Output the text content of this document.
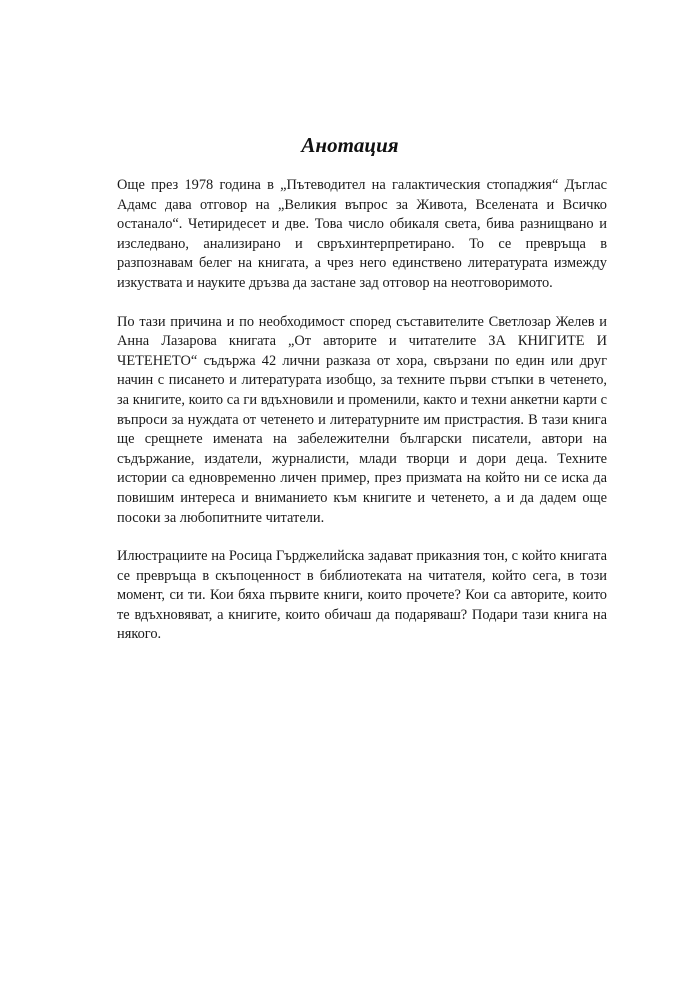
Анотация

Още през 1978 година в „Пътеводител на галактическия стопаджия“ Дъглас Адамс дава отговор на „Великия въпрос за Живота, Вселената и Всичко останало“. Четиридесет и две. Това число обикаля света, бива разнищвано и изследвано, анализирано и свръхинтерпретирано. То се превръща в разпознавам белег на книгата, а чрез него единствено литературата измежду изкуствата и науките дръзва да застане зад отговор на неотговоримото.

По тази причина и по необходимост според съставителите Светлозар Желев и Анна Лазарова книгата „От авторите и читателите ЗА КНИГИТЕ И ЧЕТЕНЕТО“ съдържа 42 лични разказа от хора, свързани по един или друг начин с писането и литературата изобщо, за техните първи стъпки в четенето, за книгите, които са ги вдъхновили и променили, както и техни анкетни карти с въпроси за нуждата от четенето и литературните им пристрастия. В тази книга ще срещнете имената на забележителни български писатели, автори на съдържание, издатели, журналисти, млади творци и дори деца. Техните истории са едновременно личен пример, през призмата на който ни се иска да повишим интереса и вниманието към книгите и четенето, а и да дадем още посоки за любопитните читатели.

Илюстрациите на Росица Гърджелийска задават приказния тон, с който книгата се превръща в скъпоценност в библиотеката на читателя, който сега, в този момент, си ти. Кои бяха първите книги, които прочете? Кои са авторите, които те вдъхновяват, а книгите, които обичаш да подаряваш? Подари тази книга на някого.
